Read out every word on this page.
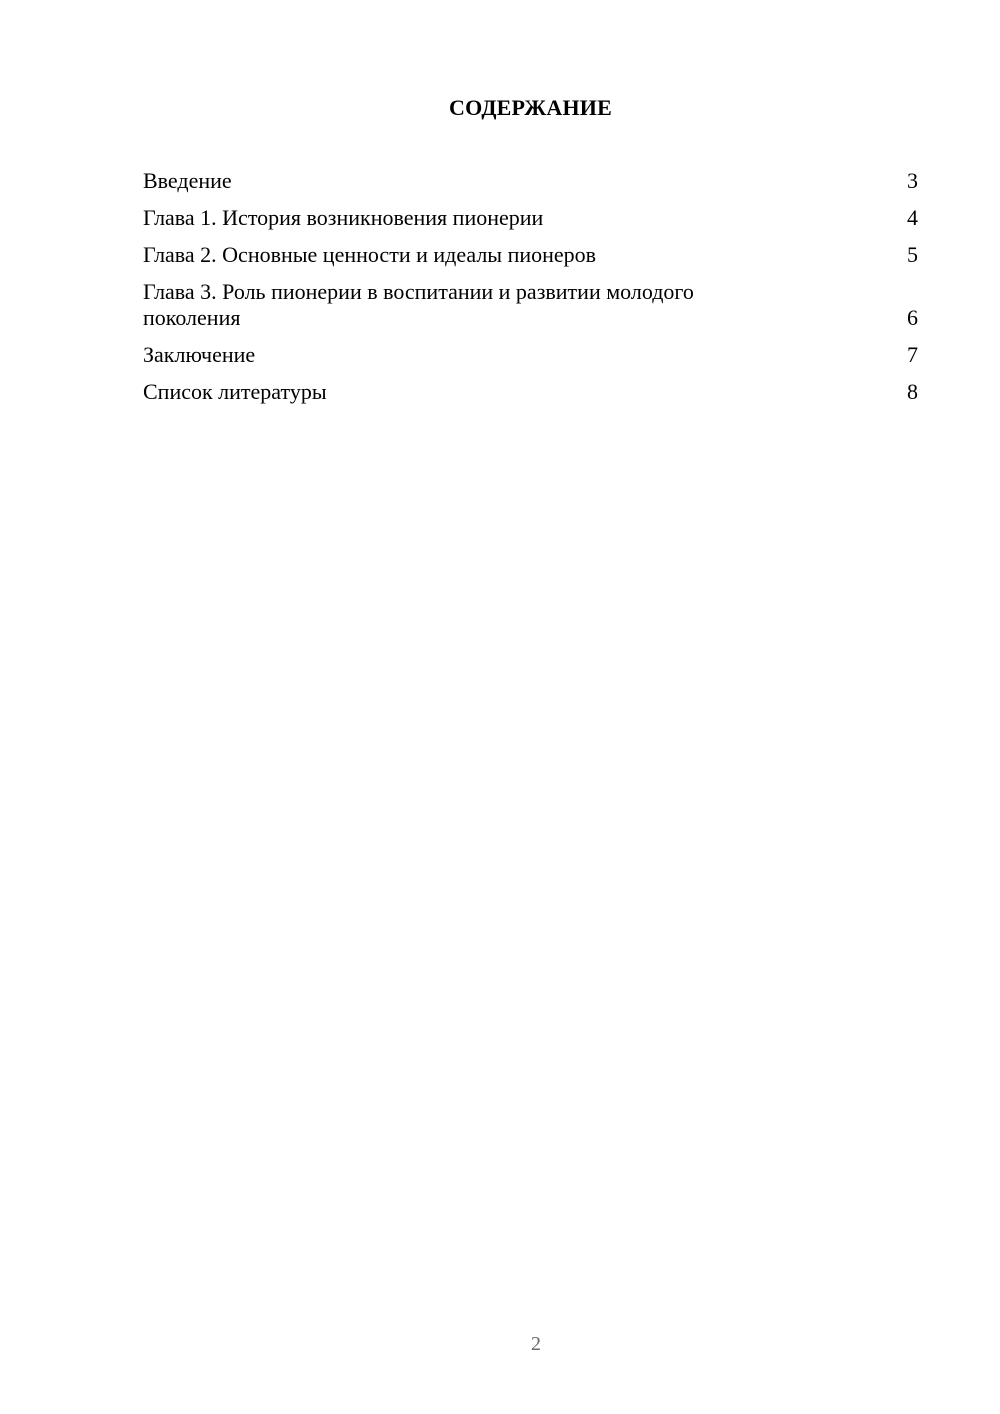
СОДЕРЖАНИЕ
Введение	3
Глава 1. История возникновения пионерии	4
Глава 2. Основные ценности и идеалы пионеров	5
Глава 3. Роль пионерии в воспитании и развитии молодого поколения	6
Заключение	7
Список литературы	8
2
